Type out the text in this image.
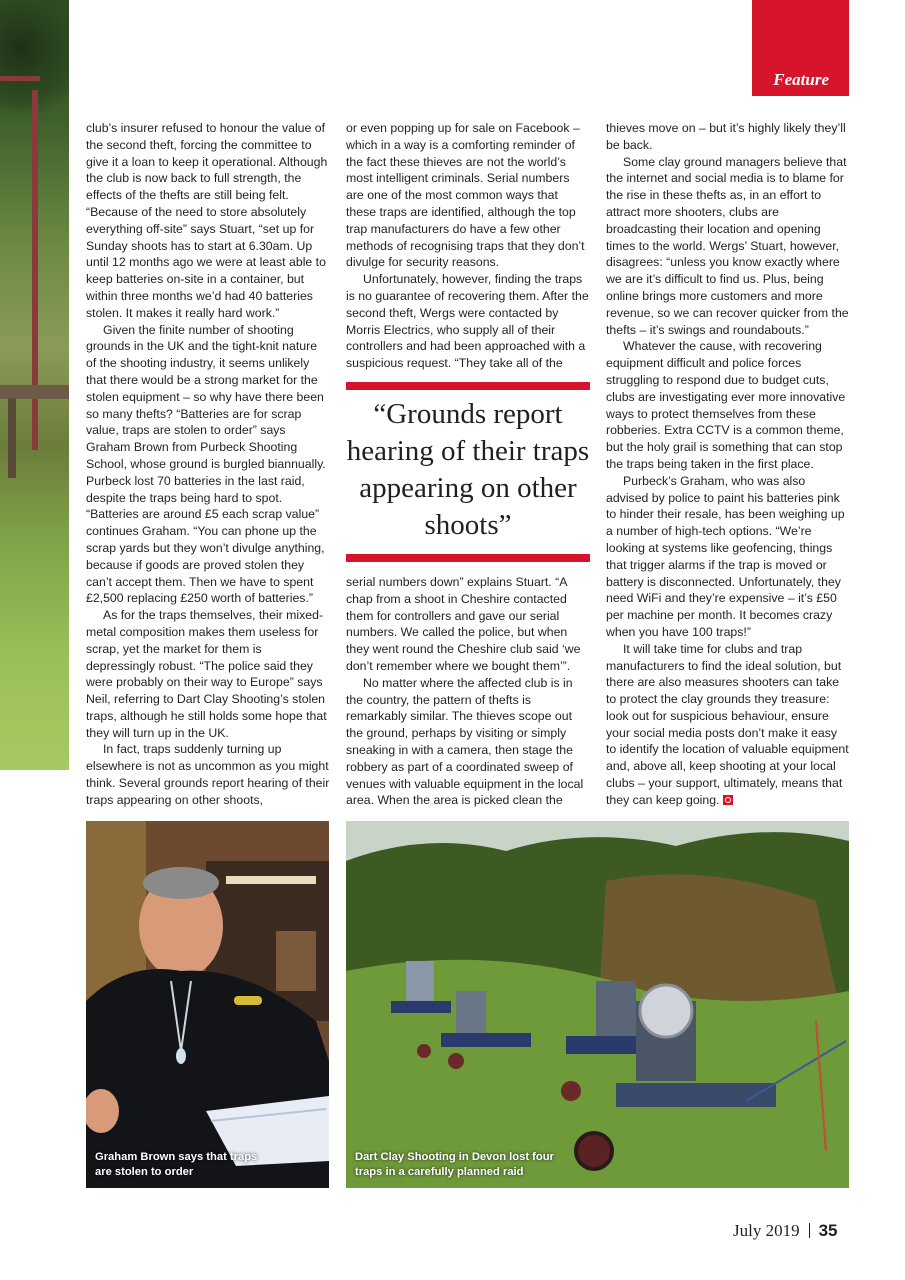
Feature

club’s insurer refused to honour the value of the second theft, forcing the committee to give it a loan to keep it operational. Although the club is now back to full strength, the effects of the thefts are still being felt. “Because of the need to store absolutely everything off-site” says Stuart, “set up for Sunday shoots has to start at 6.30am. Up until 12 months ago we were at least able to keep batteries on-site in a container, but within three months we’d had 40 batteries stolen. It makes it really hard work.”

Given the finite number of shooting grounds in the UK and the tight-knit nature of the shooting industry, it seems unlikely that there would be a strong market for the stolen equipment – so why have there been so many thefts? “Batteries are for scrap value, traps are stolen to order” says Graham Brown from Purbeck Shooting School, whose ground is burgled biannually. Purbeck lost 70 batteries in the last raid, despite the traps being hard to spot. “Batteries are around £5 each scrap value” continues Graham. “You can phone up the scrap yards but they won’t divulge anything, because if goods are proved stolen they can’t accept them. Then we have to spent £2,500 replacing £250 worth of batteries.”

As for the traps themselves, their mixed-metal composition makes them useless for scrap, yet the market for them is depressingly robust. “The police said they were probably on their way to Europe” says Neil, referring to Dart Clay Shooting’s stolen traps, although he still holds some hope that they will turn up in the UK.

In fact, traps suddenly turning up elsewhere is not as uncommon as you might think. Several grounds report hearing of their traps appearing on other shoots,

or even popping up for sale on Facebook – which in a way is a comforting reminder of the fact these thieves are not the world’s most intelligent criminals. Serial numbers are one of the most common ways that these traps are identified, although the top trap manufacturers do have a few other methods of recognising traps that they don’t divulge for security reasons.

Unfortunately, however, finding the traps is no guarantee of recovering them. After the second theft, Wergs were contacted by Morris Electrics, who supply all of their controllers and had been approached with a suspicious request. “They take all of the

“Grounds report hearing of their traps appearing on other shoots”

serial numbers down” explains Stuart. “A chap from a shoot in Cheshire contacted them for controllers and gave our serial numbers. We called the police, but when they went round the Cheshire club said ‘we don’t remember where we bought them’”.

No matter where the affected club is in the country, the pattern of thefts is remarkably similar. The thieves scope out the ground, perhaps by visiting or simply sneaking in with a camera, then stage the robbery as part of a coordinated sweep of venues with valuable equipment in the local area. When the area is picked clean the

thieves move on – but it’s highly likely they’ll be back.

Some clay ground managers believe that the internet and social media is to blame for the rise in these thefts as, in an effort to attract more shooters, clubs are broadcasting their location and opening times to the world. Wergs’ Stuart, however, disagrees: “unless you know exactly where we are it’s difficult to find us. Plus, being online brings more customers and more revenue, so we can recover quicker from the thefts – it’s swings and roundabouts.”

Whatever the cause, with recovering equipment difficult and police forces struggling to respond due to budget cuts, clubs are investigating ever more innovative ways to protect themselves from these robberies. Extra CCTV is a common theme, but the holy grail is something that can stop the traps being taken in the first place.

Purbeck’s Graham, who was also advised by police to paint his batteries pink to hinder their resale, has been weighing up a number of high-tech options. “We’re looking at systems like geofencing, things that trigger alarms if the trap is moved or battery is disconnected. Unfortunately, they need WiFi and they’re expensive – it’s £50 per machine per month. It becomes crazy when you have 100 traps!”

It will take time for clubs and trap manufacturers to find the ideal solution, but there are also measures shooters can take to protect the clay grounds they treasure: look out for suspicious behaviour, ensure your social media posts don’t make it easy to identify the location of valuable equipment and, above all, keep shooting at your local clubs – your support, ultimately, means that they can keep going.

Graham Brown says that traps are stolen to order
Dart Clay Shooting in Devon lost four traps in a carefully planned raid
July 2019 35
